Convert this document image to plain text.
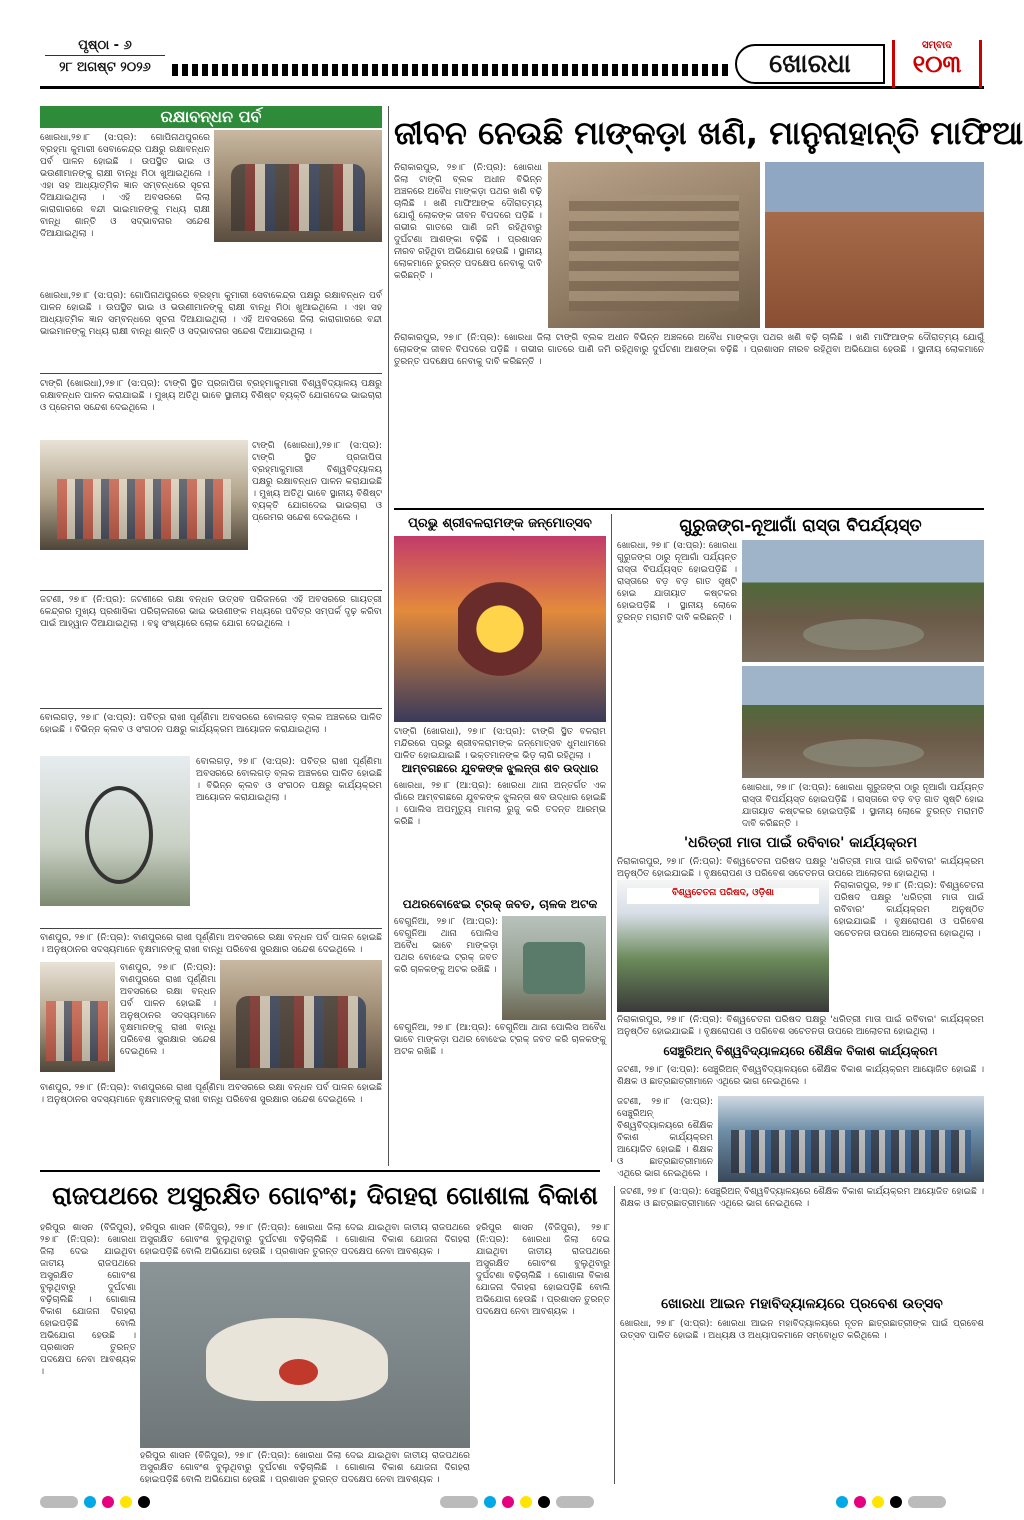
ପୃଷ୍ଠା - ୬
୨୮ ଅଗଷ୍ଟ ୨୦୨୬	ଖୋରଧା
ସମ୍ବାଦ
୧୦୩
ରକ୍ଷାବନ୍ଧନ ପର୍ବ
ଖୋରଧା,୨୭।୮ (ସ:ପ୍ର): ଗୋପିନାଥପୁରରେ ବ୍ରହ୍ମା କୁମାରୀ ସେବାକେନ୍ଦ୍ର ପକ୍ଷରୁ ରକ୍ଷାବନ୍ଧନ ପର୍ବ ପାଳନ ହୋଇଛି । ଉପସ୍ଥିତ ଭାଇ ଓ ଭଉଣୀମାନଙ୍କୁ ରାକ୍ଷୀ ବାନ୍ଧି ମିଠା ଖୁଆଇଥିଲେ । ଏହା ସହ ଆଧ୍ୟାତ୍ମିକ ଜ୍ଞାନ ସମ୍ବନ୍ଧରେ ସୂଚନା ଦିଆଯାଇଥିଲା । ଏହି ଅବସରରେ ଜିଲା କାରାଗାରରେ ବନ୍ଦୀ ଭାଇମାନଙ୍କୁ ମଧ୍ୟ ରାକ୍ଷୀ ବାନ୍ଧି ଶାନ୍ତି ଓ ସଦ୍ଭାବନାର ସନ୍ଦେଶ ଦିଆଯାଇଥିଲା ।
ଖୋରଧା,୨୭।୮ (ସ:ପ୍ର): ଗୋପିନାଥପୁରରେ ବ୍ରହ୍ମା କୁମାରୀ ସେବାକେନ୍ଦ୍ର ପକ୍ଷରୁ ରକ୍ଷାବନ୍ଧନ ପର୍ବ ପାଳନ ହୋଇଛି । ଉପସ୍ଥିତ ଭାଇ ଓ ଭଉଣୀମାନଙ୍କୁ ରାକ୍ଷୀ ବାନ୍ଧି ମିଠା ଖୁଆଇଥିଲେ । ଏହା ସହ ଆଧ୍ୟାତ୍ମିକ ଜ୍ଞାନ ସମ୍ବନ୍ଧରେ ସୂଚନା ଦିଆଯାଇଥିଲା । ଏହି ଅବସରରେ ଜିଲା କାରାଗାରରେ ବନ୍ଦୀ ଭାଇମାନଙ୍କୁ ମଧ୍ୟ ରାକ୍ଷୀ ବାନ୍ଧି ଶାନ୍ତି ଓ ସଦ୍ଭାବନାର ସନ୍ଦେଶ ଦିଆଯାଇଥିଲା ।
ଟାଙ୍ଗି (ଖୋରଧା),୨୭।୮ (ସ:ପ୍ର): ଟାଙ୍ଗି ସ୍ଥିତ ପ୍ରଜାପିତା ବ୍ରହ୍ମାକୁମାରୀ ବିଶ୍ୱବିଦ୍ୟାଳୟ ପକ୍ଷରୁ ରକ୍ଷାବନ୍ଧନ ପାଳନ କରାଯାଇଛି । ମୁଖ୍ୟ ଅତିଥି ଭାବେ ସ୍ଥାନୀୟ ବିଶିଷ୍ଟ ବ୍ୟକ୍ତି ଯୋଗଦେଇ ଭାଇଚାରା ଓ ପ୍ରେମର ସନ୍ଦେଶ ଦେଇଥିଲେ ।
ଟାଙ୍ଗି (ଖୋରଧା),୨୭।୮ (ସ:ପ୍ର): ଟାଙ୍ଗି ସ୍ଥିତ ପ୍ରଜାପିତା ବ୍ରହ୍ମାକୁମାରୀ ବିଶ୍ୱବିଦ୍ୟାଳୟ ପକ୍ଷରୁ ରକ୍ଷାବନ୍ଧନ ପାଳନ କରାଯାଇଛି । ମୁଖ୍ୟ ଅତିଥି ଭାବେ ସ୍ଥାନୀୟ ବିଶିଷ୍ଟ ବ୍ୟକ୍ତି ଯୋଗଦେଇ ଭାଇଚାରା ଓ ପ୍ରେମର ସନ୍ଦେଶ ଦେଇଥିଲେ ।
ଜଟଣୀ, ୨୭।୮ (ନି:ପ୍ର): ଜଟଣୀରେ ରକ୍ଷା ବନ୍ଧନ ଉତ୍ସବ ପରିଜନରେ ଏହି ଅବସରରେ ଗାୟତ୍ରୀ କେନ୍ଦ୍ରର ମୁଖ୍ୟ ପ୍ରଶାସିକା ପରିଚାଳନାରେ ଭାଇ ଭଉଣୀଙ୍କ ମଧ୍ୟରେ ପବିତ୍ର ସମ୍ପର୍କ ଦୃଢ଼ କରିବା ପାଇଁ ଆହ୍ୱାନ ଦିଆଯାଇଥିଲା । ବହୁ ସଂଖ୍ୟାରେ ଲୋକ ଯୋଗ ଦେଇଥିଲେ ।
ବୋଲଗଡ଼, ୨୭।୮ (ସ:ପ୍ର): ପବିତ୍ର ରାଖୀ ପୂର୍ଣ୍ଣିମା ଅବସରରେ ବୋଲଗଡ଼ ବ୍ଲକ ଅଞ୍ଚଳରେ ପାଳିତ ହୋଇଛି । ବିଭିନ୍ନ କ୍ଲବ ଓ ସଂଗଠନ ପକ୍ଷରୁ କାର୍ଯ୍ୟକ୍ରମ ଆୟୋଜନ କରାଯାଇଥିଲା ।
ବୋଲଗଡ଼, ୨୭।୮ (ସ:ପ୍ର): ପବିତ୍ର ରାଖୀ ପୂର୍ଣ୍ଣିମା ଅବସରରେ ବୋଲଗଡ଼ ବ୍ଲକ ଅଞ୍ଚଳରେ ପାଳିତ ହୋଇଛି । ବିଭିନ୍ନ କ୍ଲବ ଓ ସଂଗଠନ ପକ୍ଷରୁ କାର୍ଯ୍ୟକ୍ରମ ଆୟୋଜନ କରାଯାଇଥିଲା ।
ବାଣପୁର, ୨୭।୮ (ନି:ପ୍ର): ବାଣପୁରରେ ରାଖୀ ପୂର୍ଣ୍ଣିମା ଅବସରରେ ରକ୍ଷା ବନ୍ଧନ ପର୍ବ ପାଳନ ହୋଇଛି । ଅନୁଷ୍ଠାନର ସଦସ୍ୟମାନେ ବୃକ୍ଷମାନଙ୍କୁ ରାଖୀ ବାନ୍ଧି ପରିବେଶ ସୁରକ୍ଷାର ସନ୍ଦେଶ ଦେଇଥିଲେ ।
ବାଣପୁର, ୨୭।୮ (ନି:ପ୍ର): ବାଣପୁରରେ ରାଖୀ ପୂର୍ଣ୍ଣିମା ଅବସରରେ ରକ୍ଷା ବନ୍ଧନ ପର୍ବ ପାଳନ ହୋଇଛି । ଅନୁଷ୍ଠାନର ସଦସ୍ୟମାନେ ବୃକ୍ଷମାନଙ୍କୁ ରାଖୀ ବାନ୍ଧି ପରିବେଶ ସୁରକ୍ଷାର ସନ୍ଦେଶ ଦେଇଥିଲେ ।
ବାଣପୁର, ୨୭।୮ (ନି:ପ୍ର): ବାଣପୁରରେ ରାଖୀ ପୂର୍ଣ୍ଣିମା ଅବସରରେ ରକ୍ଷା ବନ୍ଧନ ପର୍ବ ପାଳନ ହୋଇଛି । ଅନୁଷ୍ଠାନର ସଦସ୍ୟମାନେ ବୃକ୍ଷମାନଙ୍କୁ ରାଖୀ ବାନ୍ଧି ପରିବେଶ ସୁରକ୍ଷାର ସନ୍ଦେଶ ଦେଇଥିଲେ ।
ଜୀବନ ନେଉଛି ମାଙ୍କଡ଼ା ଖଣି, ମାନୁନାହାନ୍ତି ମାଫିଆ
ନିରାକାରପୁର, ୨୭।୮ (ନି:ପ୍ର): ଖୋରଧା ଜିଲା ଟାଙ୍ଗି ବ୍ଲକ ଅଧୀନ ବିଭିନ୍ନ ଅଞ୍ଚଳରେ ଅବୈଧ ମାଙ୍କଡ଼ା ପଥର ଖଣି ବଢ଼ି ଚାଲିଛି । ଖଣି ମାଫିଆଙ୍କ ଦୌରାତ୍ମ୍ୟ ଯୋଗୁଁ ଲୋକଙ୍କ ଜୀବନ ବିପଦରେ ପଡ଼ିଛି । ଗଭୀର ଗାତରେ ପାଣି ଜମି ରହିଥିବାରୁ ଦୁର୍ଘଟଣା ଆଶଙ୍କା ବଢ଼ିଛି । ପ୍ରଶାସନ ନୀରବ ରହିଥିବା ଅଭିଯୋଗ ହେଉଛି । ସ୍ଥାନୀୟ ଲୋକମାନେ ତୁରନ୍ତ ପଦକ୍ଷେପ ନେବାକୁ ଦାବି କରିଛନ୍ତି ।
ନିରାକାରପୁର, ୨୭।୮ (ନି:ପ୍ର): ଖୋରଧା ଜିଲା ଟାଙ୍ଗି ବ୍ଲକ ଅଧୀନ ବିଭିନ୍ନ ଅଞ୍ଚଳରେ ଅବୈଧ ମାଙ୍କଡ଼ା ପଥର ଖଣି ବଢ଼ି ଚାଲିଛି । ଖଣି ମାଫିଆଙ୍କ ଦୌରାତ୍ମ୍ୟ ଯୋଗୁଁ ଲୋକଙ୍କ ଜୀବନ ବିପଦରେ ପଡ଼ିଛି । ଗଭୀର ଗାତରେ ପାଣି ଜମି ରହିଥିବାରୁ ଦୁର୍ଘଟଣା ଆଶଙ୍କା ବଢ଼ିଛି । ପ୍ରଶାସନ ନୀରବ ରହିଥିବା ଅଭିଯୋଗ ହେଉଛି । ସ୍ଥାନୀୟ ଲୋକମାନେ ତୁରନ୍ତ ପଦକ୍ଷେପ ନେବାକୁ ଦାବି କରିଛନ୍ତି ।
ପ୍ରଭୁ ଶ୍ରୀବଳରାମଙ୍କ ଜନ୍ମୋତ୍ସବ
ଟାଙ୍ଗି (ଖୋରଧା), ୨୭।୮ (ସ:ପ୍ର): ଟାଙ୍ଗି ସ୍ଥିତ ବଳରାମ ମନ୍ଦିରରେ ପ୍ରଭୁ ଶ୍ରୀବଳରାମଙ୍କ ଜନ୍ମୋତ୍ସବ ଧୁମଧାମରେ ପାଳିତ ହୋଇଯାଇଛି । ଭକ୍ତମାନଙ୍କ ଭିଡ଼ ଲାଗି ରହିଥିଲା ।
ଆମ୍ବଗଛରେ ଯୁବକଙ୍କ ଝୁଲନ୍ତା ଶବ ଉଦ୍ଧାର
ଖୋରଧା, ୨୭।୮ (ଆ:ପ୍ର): ଖୋରଧା ଥାନା ଅନ୍ତର୍ଗତ ଏକ ଗାଁରେ ଆମ୍ବଗଛରେ ଯୁବକଙ୍କ ଝୁଲନ୍ତା ଶବ ଉଦ୍ଧାର ହୋଇଛି । ପୋଲିସ ଅପମୃତ୍ୟୁ ମାମଲା ରୁଜୁ କରି ତଦନ୍ତ ଆରମ୍ଭ କରିଛି ।
ପଥରବୋଝେଇ ଟ୍ରକ୍ ଜବତ, ଚାଳକ ଅଟକ
ବେଗୁନିଆ, ୨୭।୮ (ଆ:ପ୍ର): ବେଗୁନିଆ ଥାନା ପୋଲିସ ଅବୈଧ ଭାବେ ମାଙ୍କଡ଼ା ପଥର ବୋଝେଇ ଟ୍ରକ୍ ଜବତ କରି ଚାଳକଙ୍କୁ ଅଟକ ରଖିଛି ।
ବେଗୁନିଆ, ୨୭।୮ (ଆ:ପ୍ର): ବେଗୁନିଆ ଥାନା ପୋଲିସ ଅବୈଧ ଭାବେ ମାଙ୍କଡ଼ା ପଥର ବୋଝେଇ ଟ୍ରକ୍ ଜବତ କରି ଚାଳକଙ୍କୁ ଅଟକ ରଖିଛି ।
ଗୁରୁଜଙ୍ଗ-ନୂଆଗାଁ ରାସ୍ତା ବିପର୍ଯ୍ୟସ୍ତ
ଖୋରଧା, ୨୭।୮ (ସ:ପ୍ର): ଖୋରଧା ଗୁରୁଜଙ୍ଗ ଠାରୁ ନୂଆଗାଁ ପର୍ଯ୍ୟନ୍ତ ରାସ୍ତା ବିପର୍ଯ୍ୟସ୍ତ ହୋଇପଡ଼ିଛି । ରାସ୍ତାରେ ବଡ଼ ବଡ଼ ଗାତ ସୃଷ୍ଟି ହୋଇ ଯାତାୟାତ କଷ୍ଟକର ହୋଇପଡ଼ିଛି । ସ୍ଥାନୀୟ ଲୋକେ ତୁରନ୍ତ ମରାମତି ଦାବି କରିଛନ୍ତି ।
ଖୋରଧା, ୨୭।୮ (ସ:ପ୍ର): ଖୋରଧା ଗୁରୁଜଙ୍ଗ ଠାରୁ ନୂଆଗାଁ ପର୍ଯ୍ୟନ୍ତ ରାସ୍ତା ବିପର୍ଯ୍ୟସ୍ତ ହୋଇପଡ଼ିଛି । ରାସ୍ତାରେ ବଡ଼ ବଡ଼ ଗାତ ସୃଷ୍ଟି ହୋଇ ଯାତାୟାତ କଷ୍ଟକର ହୋଇପଡ଼ିଛି । ସ୍ଥାନୀୟ ଲୋକେ ତୁରନ୍ତ ମରାମତି ଦାବି କରିଛନ୍ତି ।
'ଧରିତ୍ରୀ ମାତା ପାଇଁ ରବିବାର' କାର୍ଯ୍ୟକ୍ରମ
ନିରାକାରପୁର, ୨୭।୮ (ନି:ପ୍ର): ବିଶ୍ୱଚେତନା ପରିଷଦ ପକ୍ଷରୁ 'ଧରିତ୍ରୀ ମାତା ପାଇଁ ରବିବାର' କାର୍ଯ୍ୟକ୍ରମ ଅନୁଷ୍ଠିତ ହୋଇଯାଇଛି । ବୃକ୍ଷରୋପଣ ଓ ପରିବେଶ ସଚେତନତା ଉପରେ ଆଲୋଚନା ହୋଇଥିଲା ।
ବିଶ୍ୱଚେତନା ପରିଷଦ, ଓଡ଼ିଶା
ନିରାକାରପୁର, ୨୭।୮ (ନି:ପ୍ର): ବିଶ୍ୱଚେତନା ପରିଷଦ ପକ୍ଷରୁ 'ଧରିତ୍ରୀ ମାତା ପାଇଁ ରବିବାର' କାର୍ଯ୍ୟକ୍ରମ ଅନୁଷ୍ଠିତ ହୋଇଯାଇଛି । ବୃକ୍ଷରୋପଣ ଓ ପରିବେଶ ସଚେତନତା ଉପରେ ଆଲୋଚନା ହୋଇଥିଲା ।
ନିରାକାରପୁର, ୨୭।୮ (ନି:ପ୍ର): ବିଶ୍ୱଚେତନା ପରିଷଦ ପକ୍ଷରୁ 'ଧରିତ୍ରୀ ମାତା ପାଇଁ ରବିବାର' କାର୍ଯ୍ୟକ୍ରମ ଅନୁଷ୍ଠିତ ହୋଇଯାଇଛି । ବୃକ୍ଷରୋପଣ ଓ ପରିବେଶ ସଚେତନତା ଉପରେ ଆଲୋଚନା ହୋଇଥିଲା ।
ସେଞ୍ଚୁରିଅନ୍ ବିଶ୍ୱବିଦ୍ୟାଳୟରେ ଶୈକ୍ଷିକ ବିକାଶ କାର୍ଯ୍ୟକ୍ରମ
ଜଟଣୀ, ୨୭।୮ (ସ:ପ୍ର): ସେଞ୍ଚୁରିଅନ୍ ବିଶ୍ୱବିଦ୍ୟାଳୟରେ ଶୈକ୍ଷିକ ବିକାଶ କାର୍ଯ୍ୟକ୍ରମ ଆୟୋଜିତ ହୋଇଛି । ଶିକ୍ଷକ ଓ ଛାତ୍ରଛାତ୍ରୀମାନେ ଏଥିରେ ଭାଗ ନେଇଥିଲେ ।
ଜଟଣୀ, ୨୭।୮ (ସ:ପ୍ର): ସେଞ୍ଚୁରିଅନ୍ ବିଶ୍ୱବିଦ୍ୟାଳୟରେ ଶୈକ୍ଷିକ ବିକାଶ କାର୍ଯ୍ୟକ୍ରମ ଆୟୋଜିତ ହୋଇଛି । ଶିକ୍ଷକ ଓ ଛାତ୍ରଛାତ୍ରୀମାନେ ଏଥିରେ ଭାଗ ନେଇଥିଲେ ।
ରାଜପଥରେ ଅସୁରକ୍ଷିତ ଗୋବଂଶ; ଦିଗହରା ଗୋଶାଳା ବିକାଶ
ହରିପୁର ଶାସନ (ବିଜିପୁର), ୨୭।୮ (ନି:ପ୍ର): ଖୋରଧା ଜିଲା ଦେଇ ଯାଇଥିବା ଜାତୀୟ ରାଜପଥରେ ଅସୁରକ୍ଷିତ ଗୋବଂଶ ବୁଲୁଥିବାରୁ ଦୁର୍ଘଟଣା ବଢ଼ିଚାଲିଛି । ଗୋଶାଳା ବିକାଶ ଯୋଜନା ଦିଗହରା ହୋଇପଡ଼ିଛି ବୋଲି ଅଭିଯୋଗ ହେଉଛି । ପ୍ରଶାସନ ତୁରନ୍ତ ପଦକ୍ଷେପ ନେବା ଆବଶ୍ୟକ ।
ହରିପୁର ଶାସନ (ବିଜିପୁର), ୨୭।୮ (ନି:ପ୍ର): ଖୋରଧା ଜିଲା ଦେଇ ଯାଇଥିବା ଜାତୀୟ ରାଜପଥରେ ଅସୁରକ୍ଷିତ ଗୋବଂଶ ବୁଲୁଥିବାରୁ ଦୁର୍ଘଟଣା ବଢ଼ିଚାଲିଛି । ଗୋଶାଳା ବିକାଶ ଯୋଜନା ଦିଗହରା ହୋଇପଡ଼ିଛି ବୋଲି ଅଭିଯୋଗ ହେଉଛି । ପ୍ରଶାସନ ତୁରନ୍ତ ପଦକ୍ଷେପ ନେବା ଆବଶ୍ୟକ ।
ହରିପୁର ଶାସନ (ବିଜିପୁର), ୨୭।୮ (ନି:ପ୍ର): ଖୋରଧା ଜିଲା ଦେଇ ଯାଇଥିବା ଜାତୀୟ ରାଜପଥରେ ଅସୁରକ୍ଷିତ ଗୋବଂଶ ବୁଲୁଥିବାରୁ ଦୁର୍ଘଟଣା ବଢ଼ିଚାଲିଛି । ଗୋଶାଳା ବିକାଶ ଯୋଜନା ଦିଗହରା ହୋଇପଡ଼ିଛି ବୋଲି ଅଭିଯୋଗ ହେଉଛି । ପ୍ରଶାସନ ତୁରନ୍ତ ପଦକ୍ଷେପ ନେବା ଆବଶ୍ୟକ ।
ହରିପୁର ଶାସନ (ବିଜିପୁର), ୨୭।୮ (ନି:ପ୍ର): ଖୋରଧା ଜିଲା ଦେଇ ଯାଇଥିବା ଜାତୀୟ ରାଜପଥରେ ଅସୁରକ୍ଷିତ ଗୋବଂଶ ବୁଲୁଥିବାରୁ ଦୁର୍ଘଟଣା ବଢ଼ିଚାଲିଛି । ଗୋଶାଳା ବିକାଶ ଯୋଜନା ଦିଗହରା ହୋଇପଡ଼ିଛି ବୋଲି ଅଭିଯୋଗ ହେଉଛି । ପ୍ରଶାସନ ତୁରନ୍ତ ପଦକ୍ଷେପ ନେବା ଆବଶ୍ୟକ ।
ଜଟଣୀ, ୨୭।୮ (ସ:ପ୍ର): ସେଞ୍ଚୁରିଅନ୍ ବିଶ୍ୱବିଦ୍ୟାଳୟରେ ଶୈକ୍ଷିକ ବିକାଶ କାର୍ଯ୍ୟକ୍ରମ ଆୟୋଜିତ ହୋଇଛି । ଶିକ୍ଷକ ଓ ଛାତ୍ରଛାତ୍ରୀମାନେ ଏଥିରେ ଭାଗ ନେଇଥିଲେ ।
ଖୋରଧା ଆଇନ ମହାବିଦ୍ୟାଳୟରେ ପ୍ରବେଶ ଉତ୍ସବ
ଖୋରଧା, ୨୭।୮ (ସ:ପ୍ର): ଖୋରଧା ଆଇନ ମହାବିଦ୍ୟାଳୟରେ ନୂତନ ଛାତ୍ରଛାତ୍ରୀଙ୍କ ପାଇଁ ପ୍ରବେଶ ଉତ୍ସବ ପାଳିତ ହୋଇଛି । ଅଧ୍ୟକ୍ଷ ଓ ଅଧ୍ୟାପକମାନେ ସମ୍ବୋଧିତ କରିଥିଲେ ।
